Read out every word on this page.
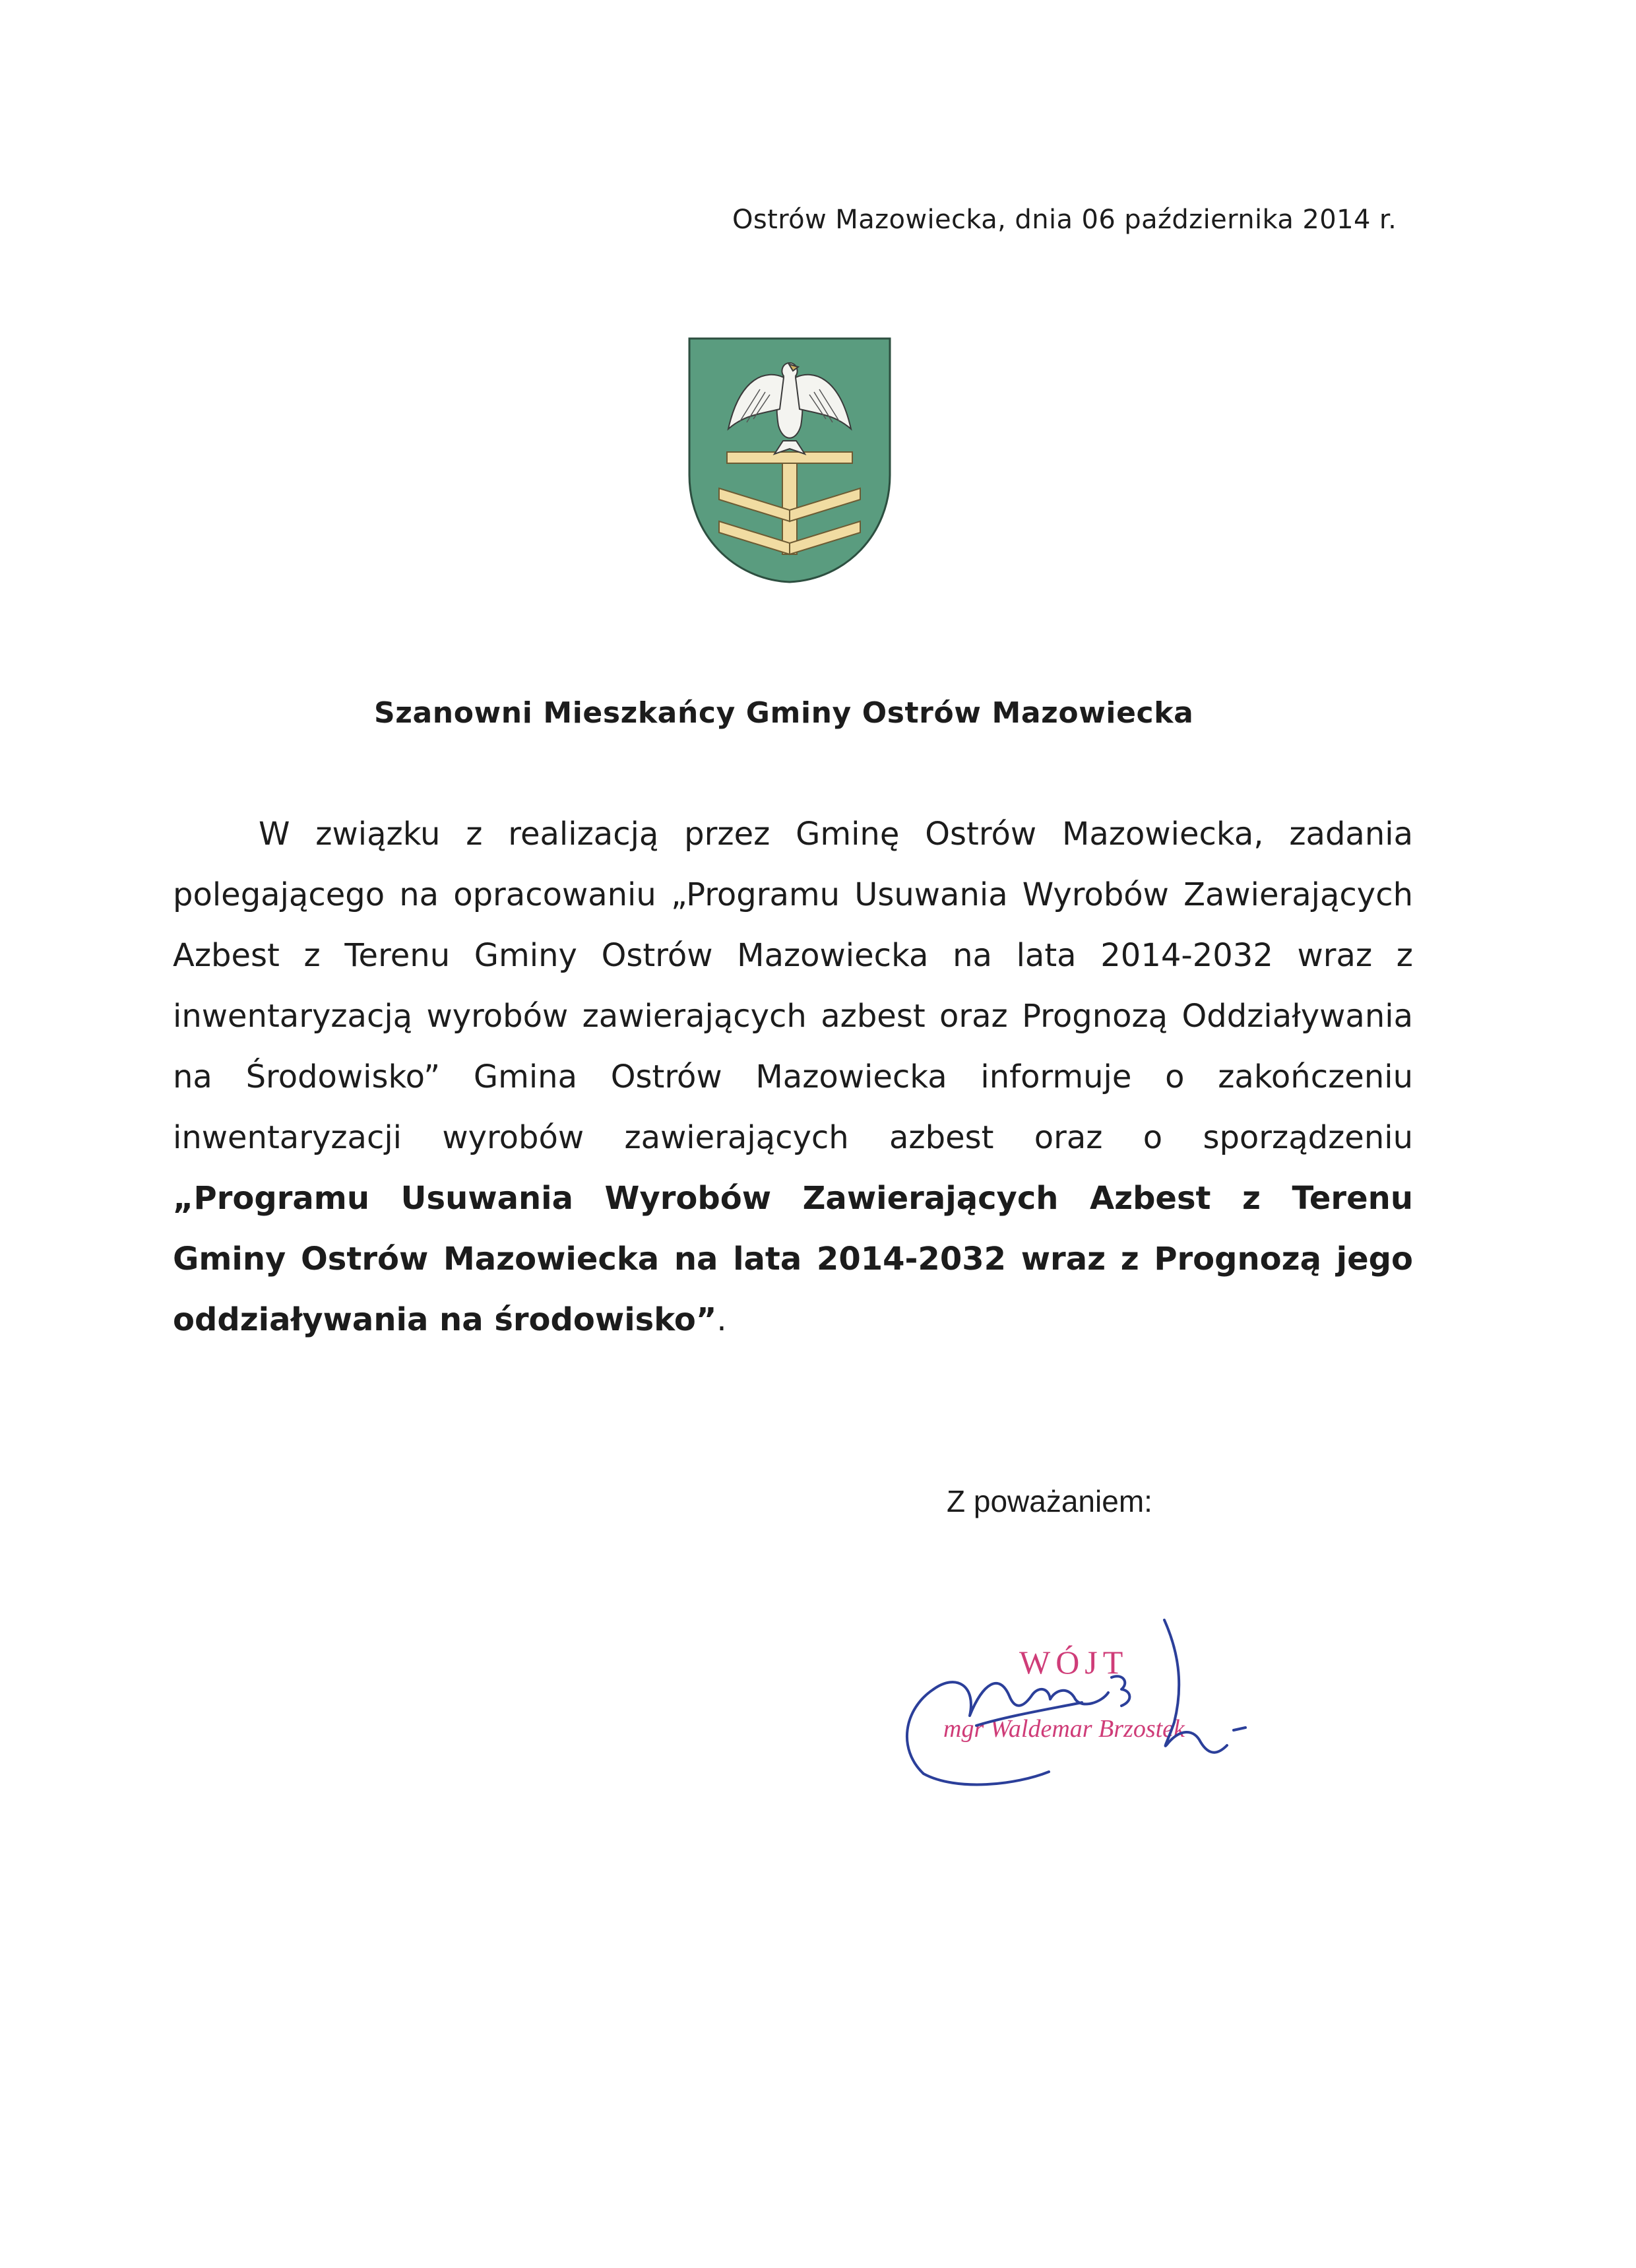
Ostrów Mazowiecka, dnia 06 października 2014 r.
Szanowni Mieszkańcy Gminy Ostrów Mazowiecka
W związku z realizacją przez Gminę Ostrów Mazowiecka, zadania polegającego na opracowaniu „Programu Usuwania Wyrobów Zawierających Azbest z Terenu Gminy Ostrów Mazowiecka na lata 2014-2032 wraz z inwentaryzacją wyrobów zawierających azbest oraz Prognozą Oddziaływania na Środowisko” Gmina Ostrów Mazowiecka informuje o zakończeniu inwentaryzacji wyrobów zawierających azbest oraz o sporządzeniu „Programu Usuwania Wyrobów Zawierających Azbest z Terenu Gminy Ostrów Mazowiecka na lata 2014-2032 wraz z Prognozą jego oddziaływania na środowisko”.
Z poważaniem:
WÓJT
mgr Waldemar Brzostek
